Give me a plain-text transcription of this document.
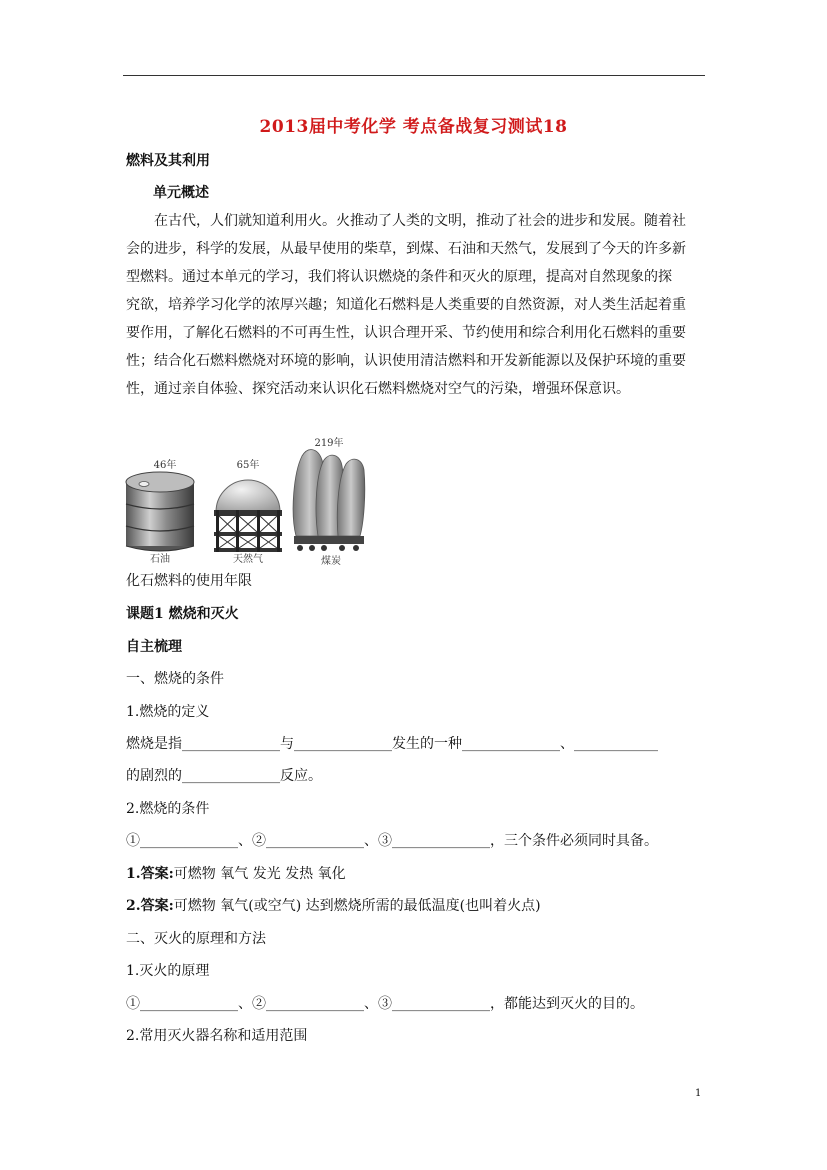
2013届中考化学 考点备战复习测试18
燃料及其利用
单元概述

在古代，人们就知道利用火。火推动了人类的文明，推动了社会的进步和发展。随着社

会的进步，科学的发展，从最早使用的柴草，到煤、石油和天然气，发展到了今天的许多新

型燃料。通过本单元的学习，我们将认识燃烧的条件和灭火的原理，提高对自然现象的探

究欲，培养学习化学的浓厚兴趣；知道化石燃料是人类重要的自然资源，对人类生活起着重

要作用，了解化石燃料的不可再生性，认识合理开采、节约使用和综合利用化石燃料的重要

性；结合化石燃料燃烧对环境的影响，认识使用清洁燃料和开发新能源以及保护环境的重要

性，通过亲自体验、探究活动来认识化石燃料燃烧对空气的污染，增强环保意识。

46年	65年
219年
石油	天然气	煤炭
化石燃料的使用年限
课题1 燃烧和灭火
自主梳理
一、燃烧的条件
1.燃烧的定义
燃烧是指______________与______________发生的一种______________、____________
的剧烈的______________反应。
2.燃烧的条件
①______________、②______________、③______________，三个条件必须同时具备。
1.答案:可燃物 氧气 发光 发热 氧化
2.答案:可燃物 氧气(或空气) 达到燃烧所需的最低温度(也叫着火点)
二、灭火的原理和方法
1.灭火的原理
①______________、②______________、③______________，都能达到灭火的目的。
2.常用灭火器名称和适用范围
1
